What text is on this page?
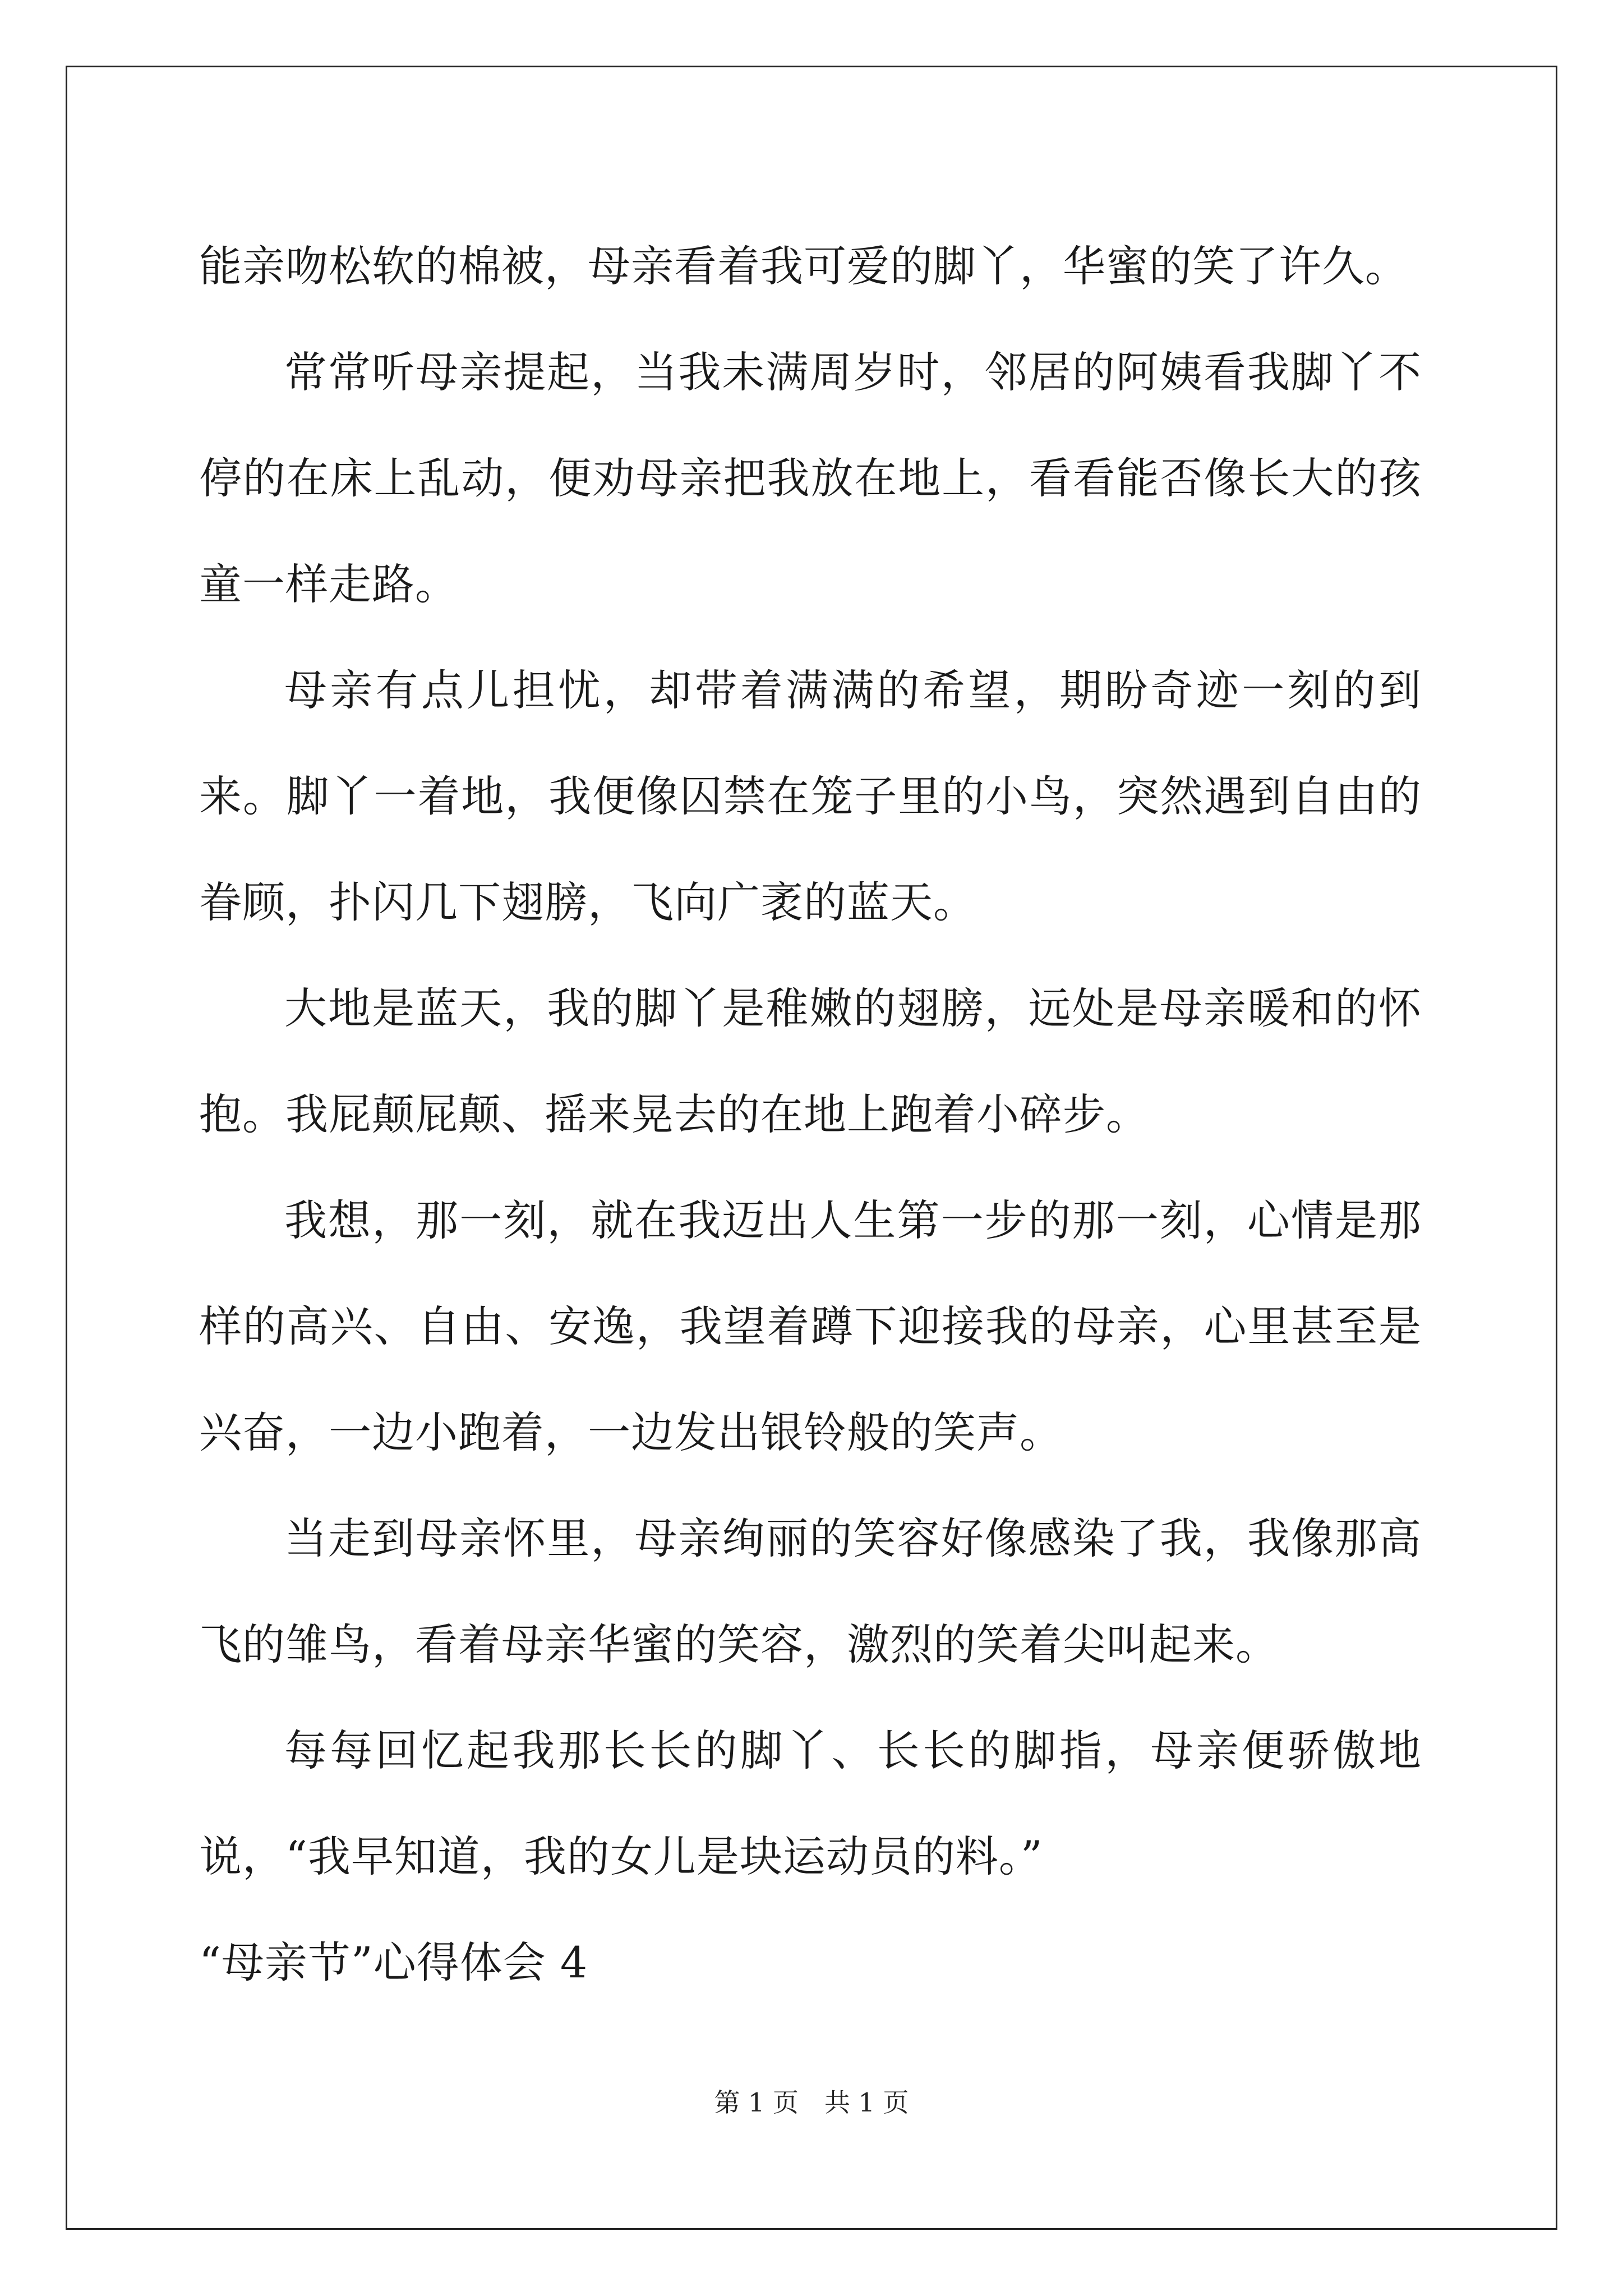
能亲吻松软的棉被，母亲看着我可爱的脚丫，华蜜的笑了许久。

常常听母亲提起，当我未满周岁时，邻居的阿姨看我脚丫不停的在床上乱动，便劝母亲把我放在地上，看看能否像长大的孩童一样走路。

母亲有点儿担忧，却带着满满的希望，期盼奇迹一刻的到来。脚丫一着地，我便像囚禁在笼子里的小鸟，突然遇到自由的眷顾，扑闪几下翅膀，飞向广袤的蓝天。

大地是蓝天，我的脚丫是稚嫩的翅膀，远处是母亲暖和的怀抱。我屁颠屁颠、摇来晃去的在地上跑着小碎步。

我想，那一刻，就在我迈出人生第一步的那一刻，心情是那样的高兴、自由、安逸，我望着蹲下迎接我的母亲，心里甚至是兴奋，一边小跑着，一边发出银铃般的笑声。

当走到母亲怀里，母亲绚丽的笑容好像感染了我，我像那高飞的雏鸟，看着母亲华蜜的笑容，激烈的笑着尖叫起来。

每每回忆起我那长长的脚丫、长长的脚指，母亲便骄傲地说，“我早知道，我的女儿是块运动员的料。”

“母亲节”心得体会 4

第 1 页　共 1 页
